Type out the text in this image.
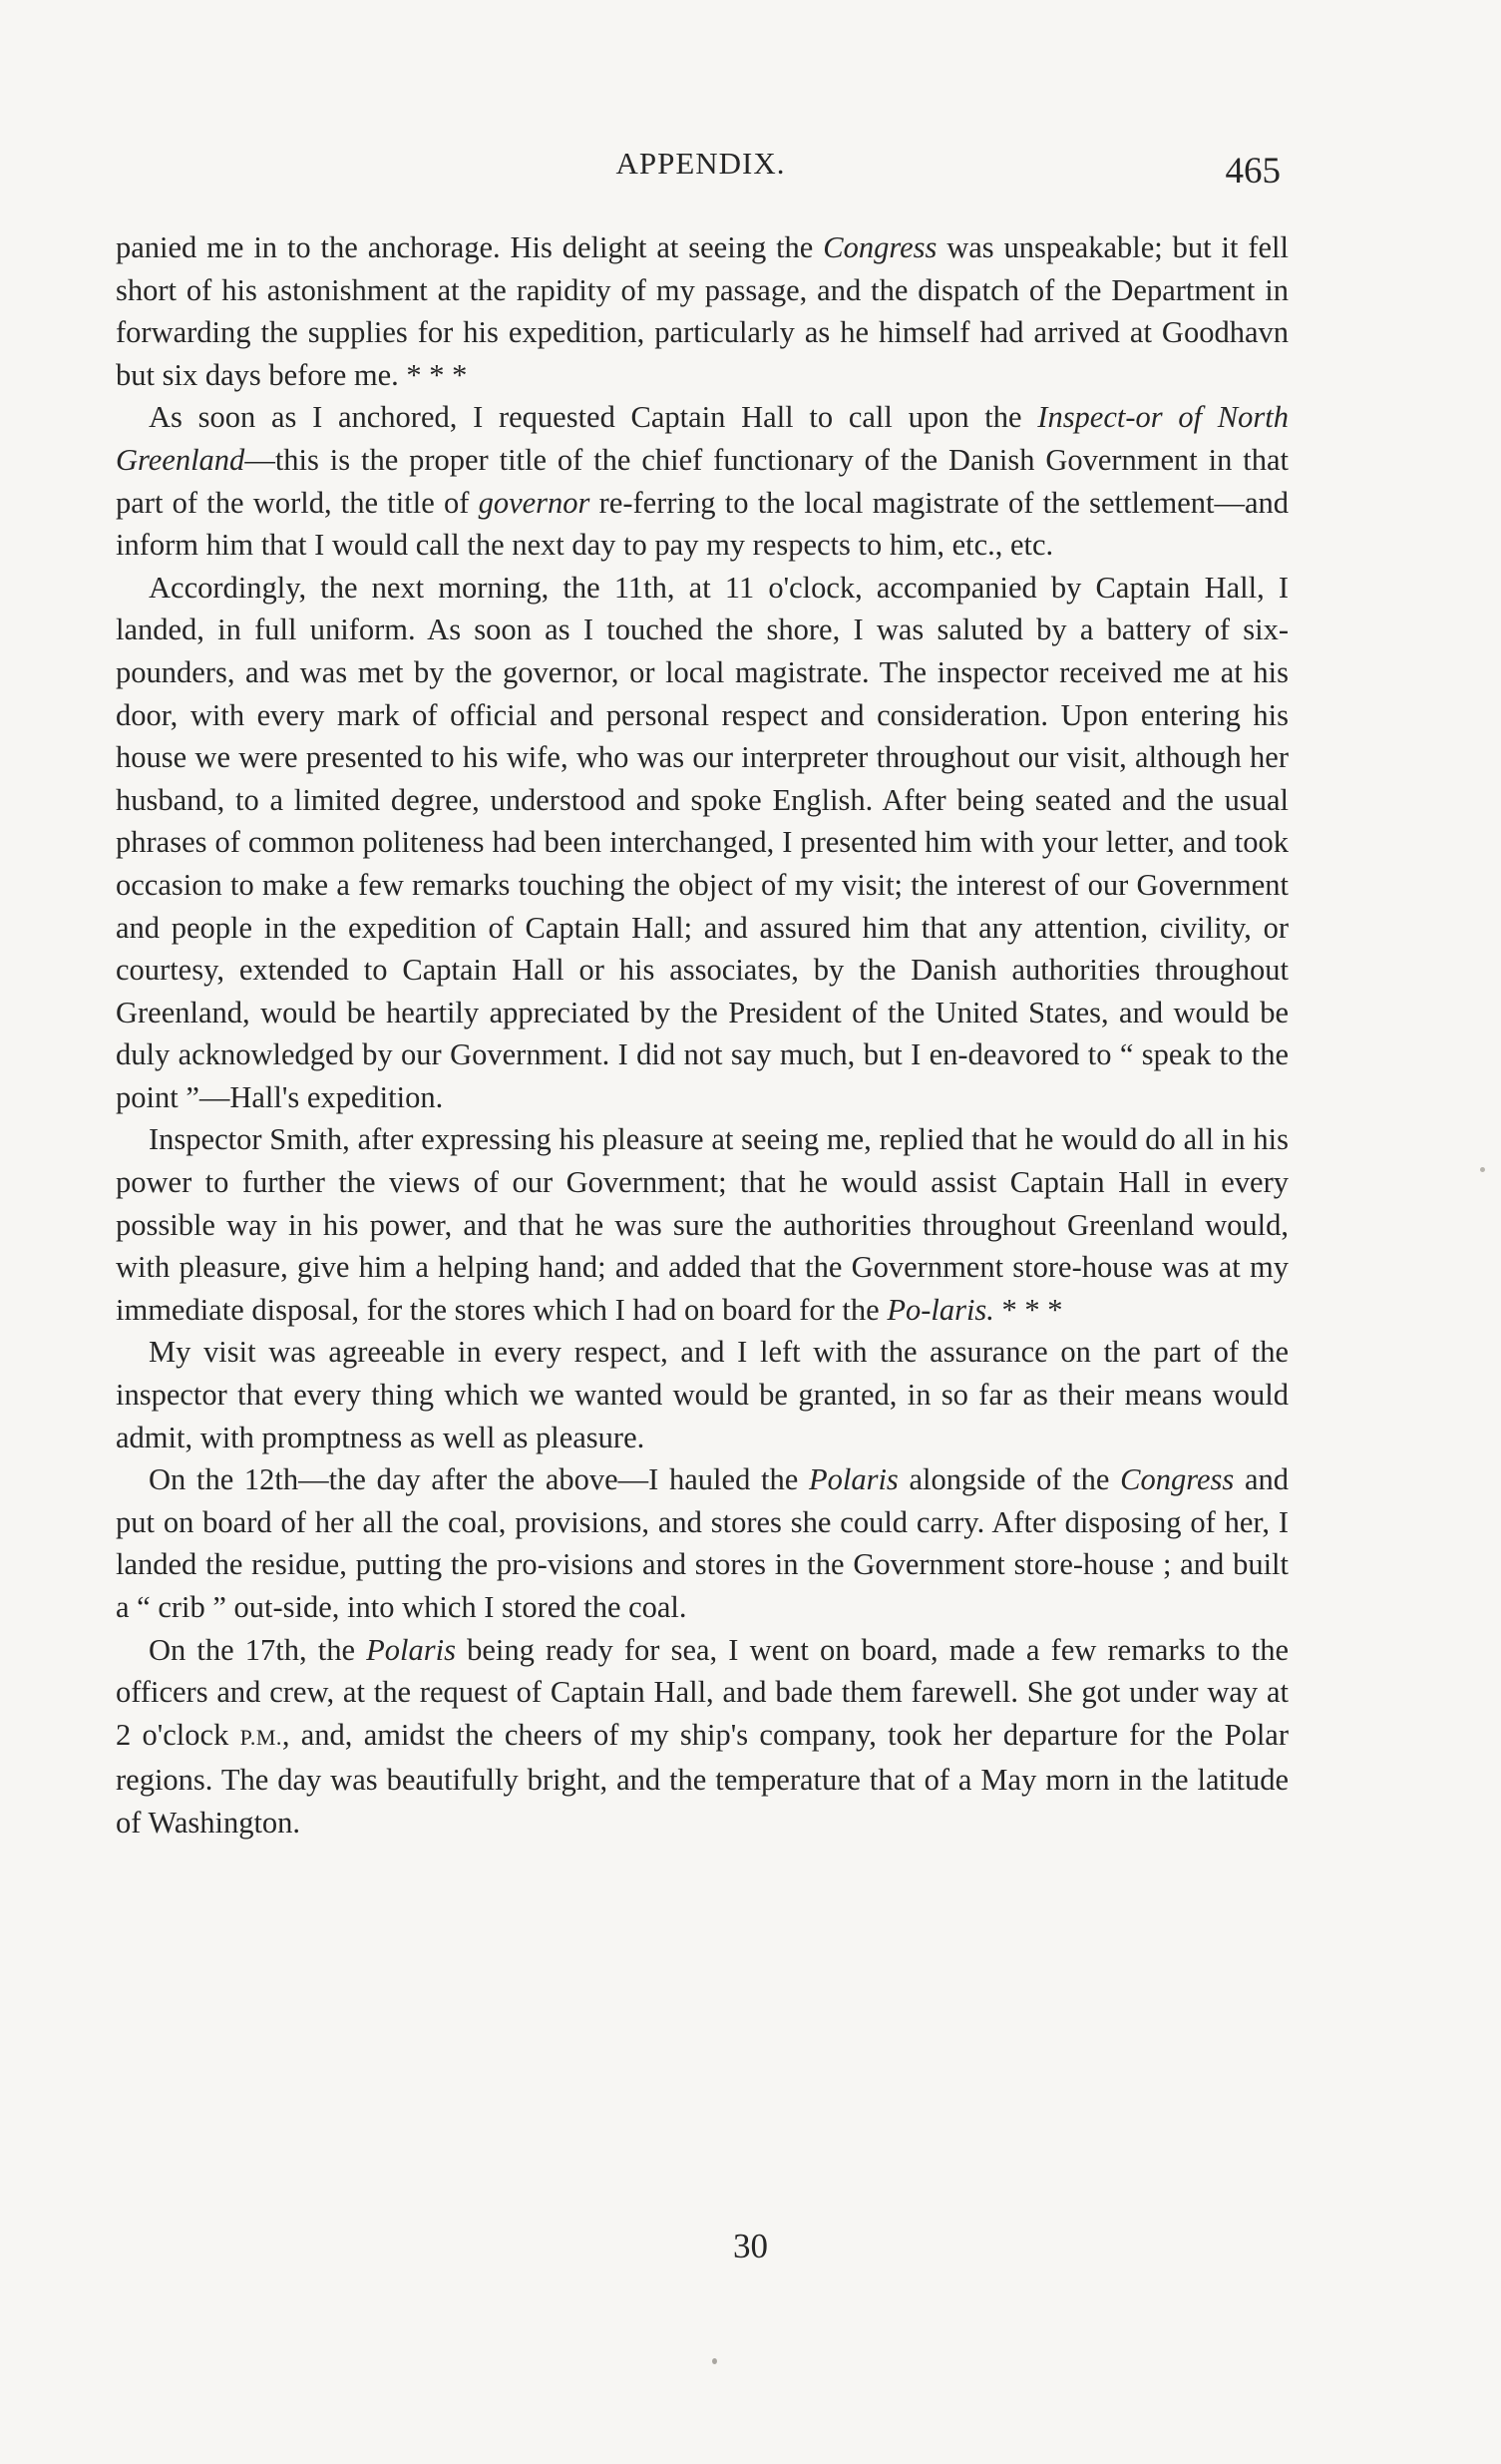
APPENDIX.	465

panied me in to the anchorage. His delight at seeing the Congress was unspeakable; but it fell short of his astonishment at the rapidity of my passage, and the dispatch of the Department in forwarding the supplies for his expedition, particularly as he himself had arrived at Goodhavn but six days before me. * * *

As soon as I anchored, I requested Captain Hall to call upon the Inspect-or of North Greenland—this is the proper title of the chief functionary of the Danish Government in that part of the world, the title of governor re-ferring to the local magistrate of the settlement—and inform him that I would call the next day to pay my respects to him, etc., etc.

Accordingly, the next morning, the 11th, at 11 o'clock, accompanied by Captain Hall, I landed, in full uniform. As soon as I touched the shore, I was saluted by a battery of six-pounders, and was met by the governor, or local magistrate. The inspector received me at his door, with every mark of official and personal respect and consideration. Upon entering his house we were presented to his wife, who was our interpreter throughout our visit, although her husband, to a limited degree, understood and spoke English. After being seated and the usual phrases of common politeness had been interchanged, I presented him with your letter, and took occasion to make a few remarks touching the object of my visit; the interest of our Government and people in the expedition of Captain Hall; and assured him that any attention, civility, or courtesy, extended to Captain Hall or his associates, by the Danish authorities throughout Greenland, would be heartily appreciated by the President of the United States, and would be duly acknowledged by our Government. I did not say much, but I en-deavored to “ speak to the point ”—Hall's expedition.

Inspector Smith, after expressing his pleasure at seeing me, replied that he would do all in his power to further the views of our Government; that he would assist Captain Hall in every possible way in his power, and that he was sure the authorities throughout Greenland would, with pleasure, give him a helping hand; and added that the Government store-house was at my immediate disposal, for the stores which I had on board for the Po-laris. * * *

My visit was agreeable in every respect, and I left with the assurance on the part of the inspector that every thing which we wanted would be granted, in so far as their means would admit, with promptness as well as pleasure.

On the 12th—the day after the above—I hauled the Polaris alongside of the Congress and put on board of her all the coal, provisions, and stores she could carry. After disposing of her, I landed the residue, putting the pro-visions and stores in the Government store-house ; and built a “ crib ” out-side, into which I stored the coal.

On the 17th, the Polaris being ready for sea, I went on board, made a few remarks to the officers and crew, at the request of Captain Hall, and bade them farewell. She got under way at 2 o'clock P.M., and, amidst the cheers of my ship's company, took her departure for the Polar regions. The day was beautifully bright, and the temperature that of a May morn in the latitude of Washington.

30
